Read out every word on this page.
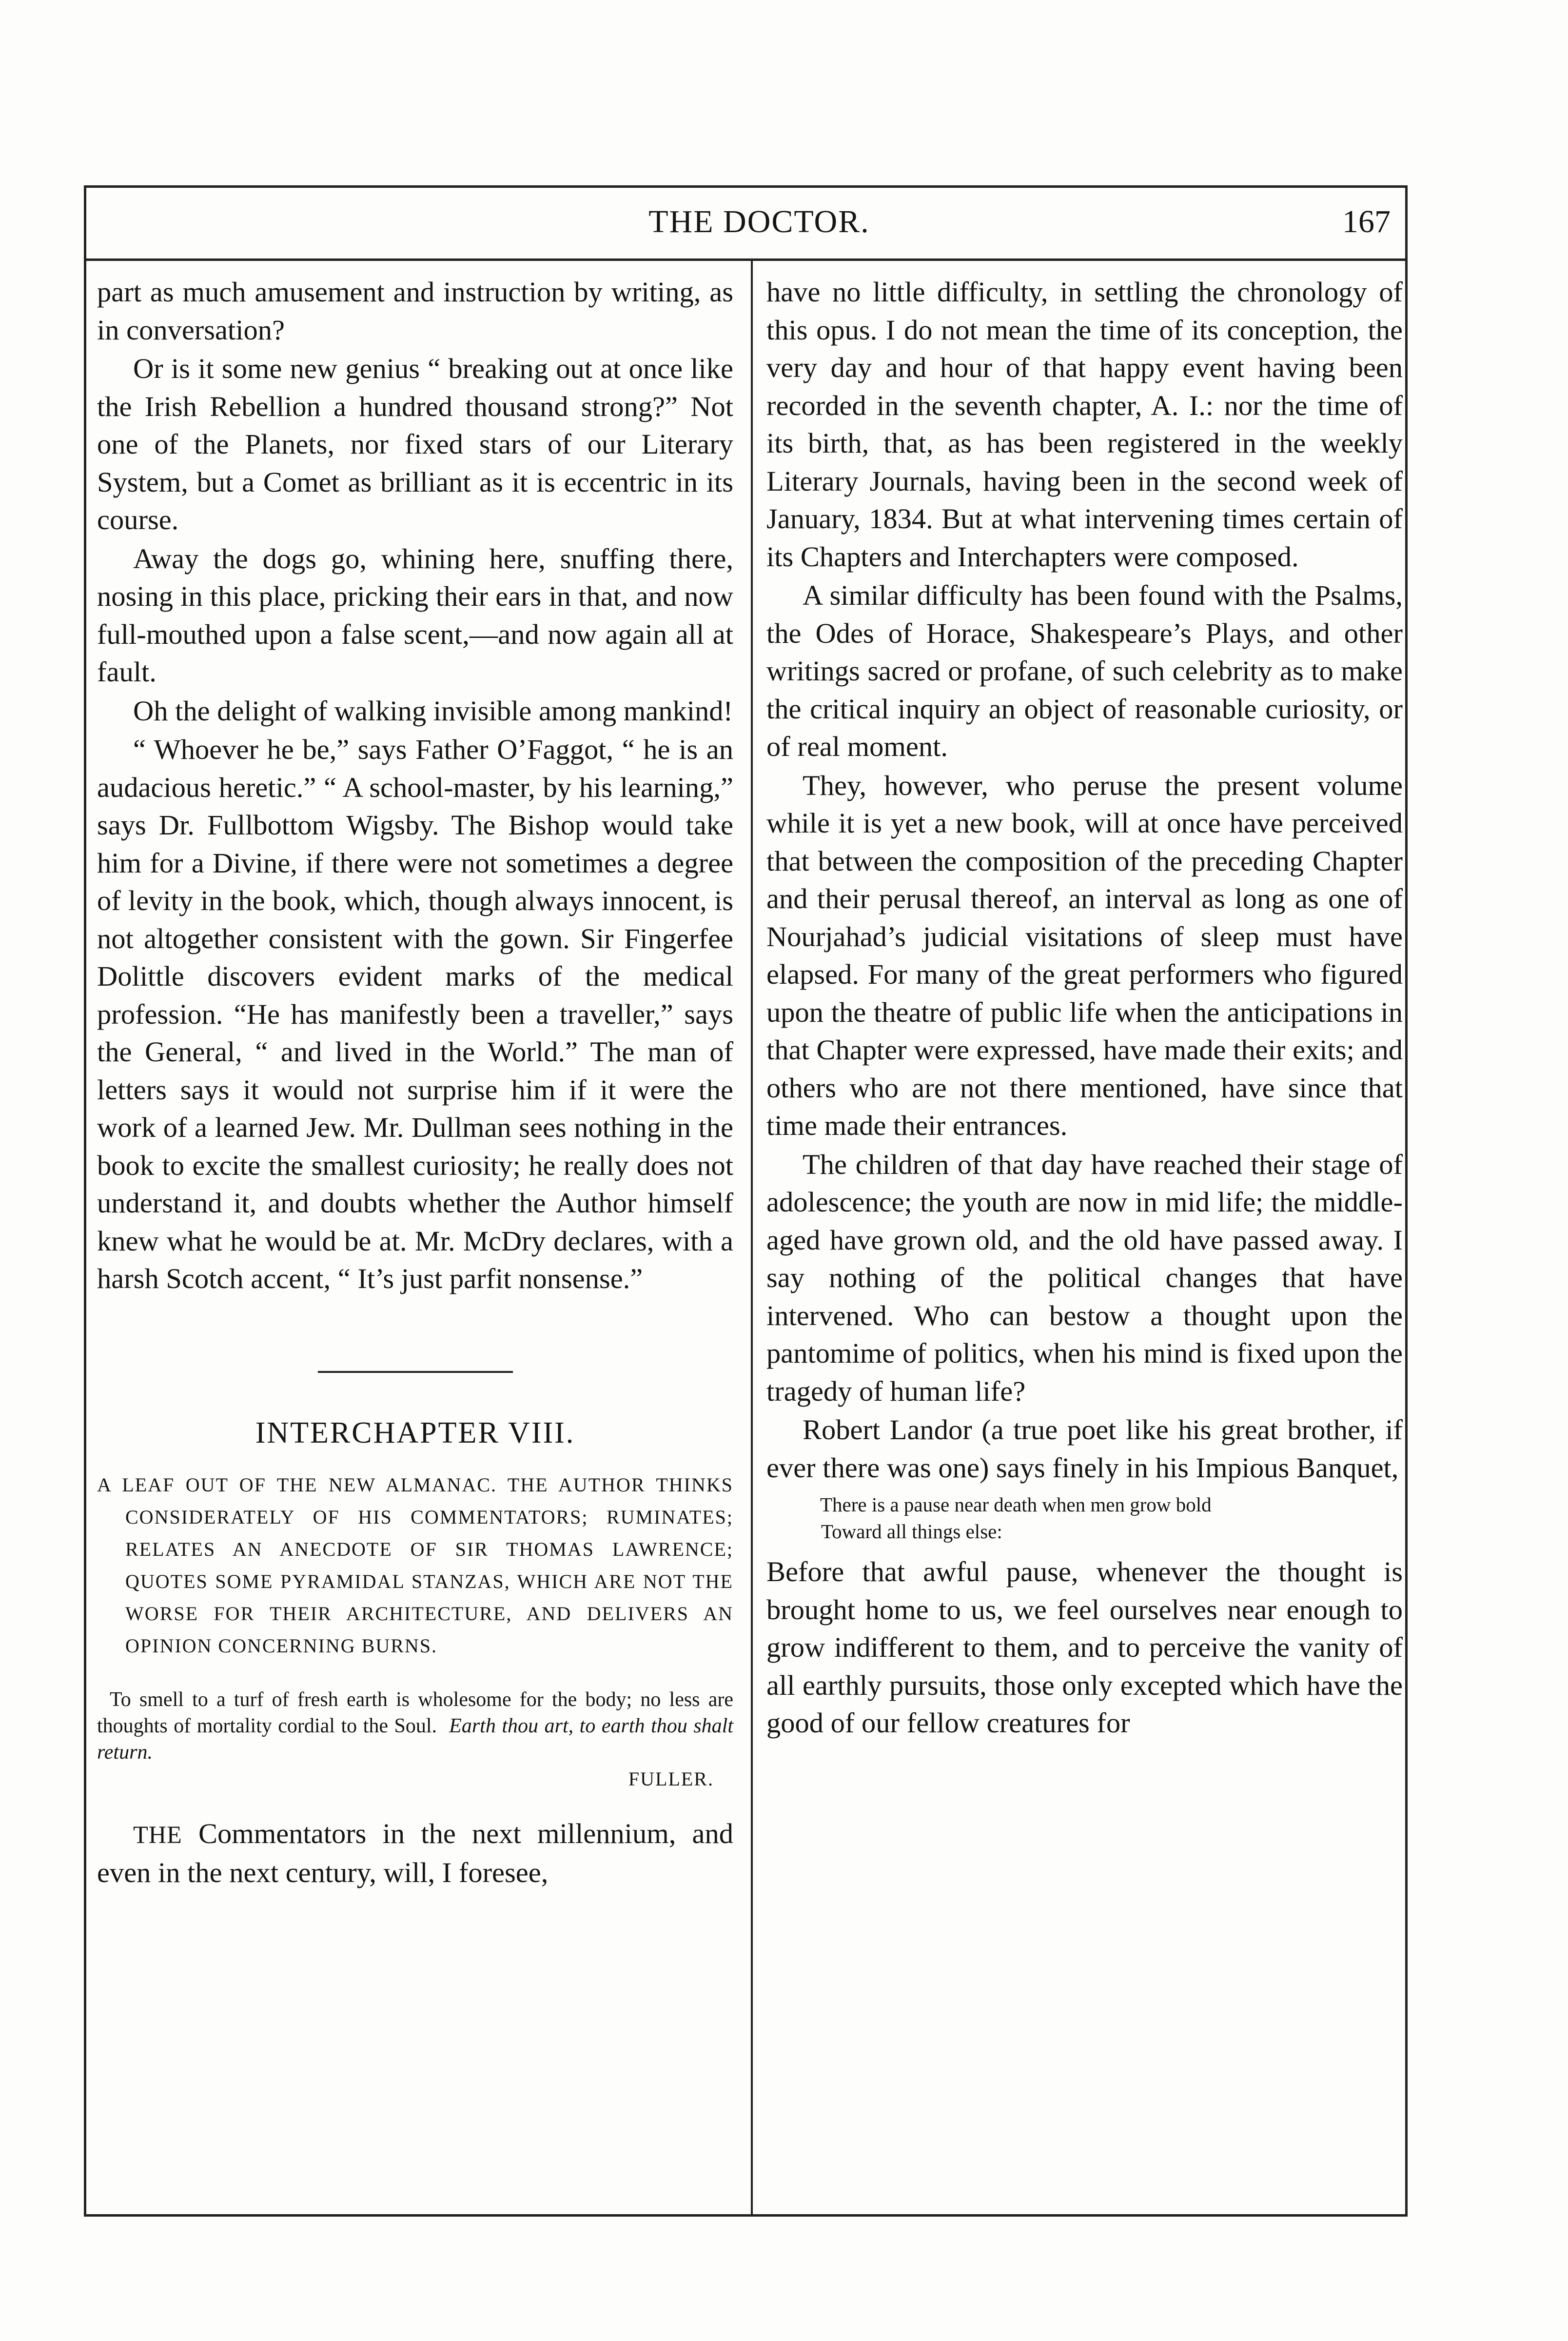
THE DOCTOR.	167

part as much amusement and instruction by writing, as in conversation?

Or is it some new genius “ breaking out at once like the Irish Rebellion a hundred thousand strong?” Not one of the Planets, nor fixed stars of our Literary System, but a Comet as brilliant as it is eccentric in its course.

Away the dogs go, whining here, snuffing there, nosing in this place, pricking their ears in that, and now full-mouthed upon a false scent,—and now again all at fault.

Oh the delight of walking invisible among mankind!

“ Whoever he be,” says Father O’Faggot, “ he is an audacious heretic.” “ A school-master, by his learning,” says Dr. Fullbottom Wigsby. The Bishop would take him for a Divine, if there were not sometimes a degree of levity in the book, which, though always innocent, is not altogether consistent with the gown. Sir Fingerfee Dolittle discovers evident marks of the medical profession. “He has manifestly been a traveller,” says the General, “ and lived in the World.” The man of letters says it would not surprise him if it were the work of a learned Jew. Mr. Dullman sees nothing in the book to excite the smallest curiosity; he really does not understand it, and doubts whether the Author himself knew what he would be at. Mr. McDry declares, with a harsh Scotch accent, “ It’s just parfit nonsense.”

INTERCHAPTER VIII.

A LEAF OUT OF THE NEW ALMANAC. THE AUTHOR THINKS CONSIDERATELY OF HIS COMMENTATORS; RUMINATES; RELATES AN ANECDOTE OF SIR THOMAS LAWRENCE; QUOTES SOME PYRAMIDAL STANZAS, WHICH ARE NOT THE WORSE FOR THEIR ARCHITECTURE, AND DELIVERS AN OPINION CONCERNING BURNS.

To smell to a turf of fresh earth is wholesome for the body; no less are thoughts of mortality cordial to the Soul. Earth thou art, to earth thou shalt return.

FULLER.

THE Commentators in the next millennium, and even in the next century, will, I foresee,

have no little difficulty, in settling the chronology of this opus. I do not mean the time of its conception, the very day and hour of that happy event having been recorded in the seventh chapter, A. I.: nor the time of its birth, that, as has been registered in the weekly Literary Journals, having been in the second week of January, 1834. But at what intervening times certain of its Chapters and Interchapters were composed.

A similar difficulty has been found with the Psalms, the Odes of Horace, Shakespeare’s Plays, and other writings sacred or profane, of such celebrity as to make the critical inquiry an object of reasonable curiosity, or of real moment.

They, however, who peruse the present volume while it is yet a new book, will at once have perceived that between the composition of the preceding Chapter and their perusal thereof, an interval as long as one of Nourjahad’s judicial visitations of sleep must have elapsed. For many of the great performers who figured upon the theatre of public life when the anticipations in that Chapter were expressed, have made their exits; and others who are not there mentioned, have since that time made their entrances.

The children of that day have reached their stage of adolescence; the youth are now in mid life; the middle-aged have grown old, and the old have passed away. I say nothing of the political changes that have intervened. Who can bestow a thought upon the pantomime of politics, when his mind is fixed upon the tragedy of human life?

Robert Landor (a true poet like his great brother, if ever there was one) says finely in his Impious Banquet,

There is a pause near death when men grow bold
Toward all things else:

Before that awful pause, whenever the thought is brought home to us, we feel ourselves near enough to grow indifferent to them, and to perceive the vanity of all earthly pursuits, those only excepted which have the good of our fellow creatures for
